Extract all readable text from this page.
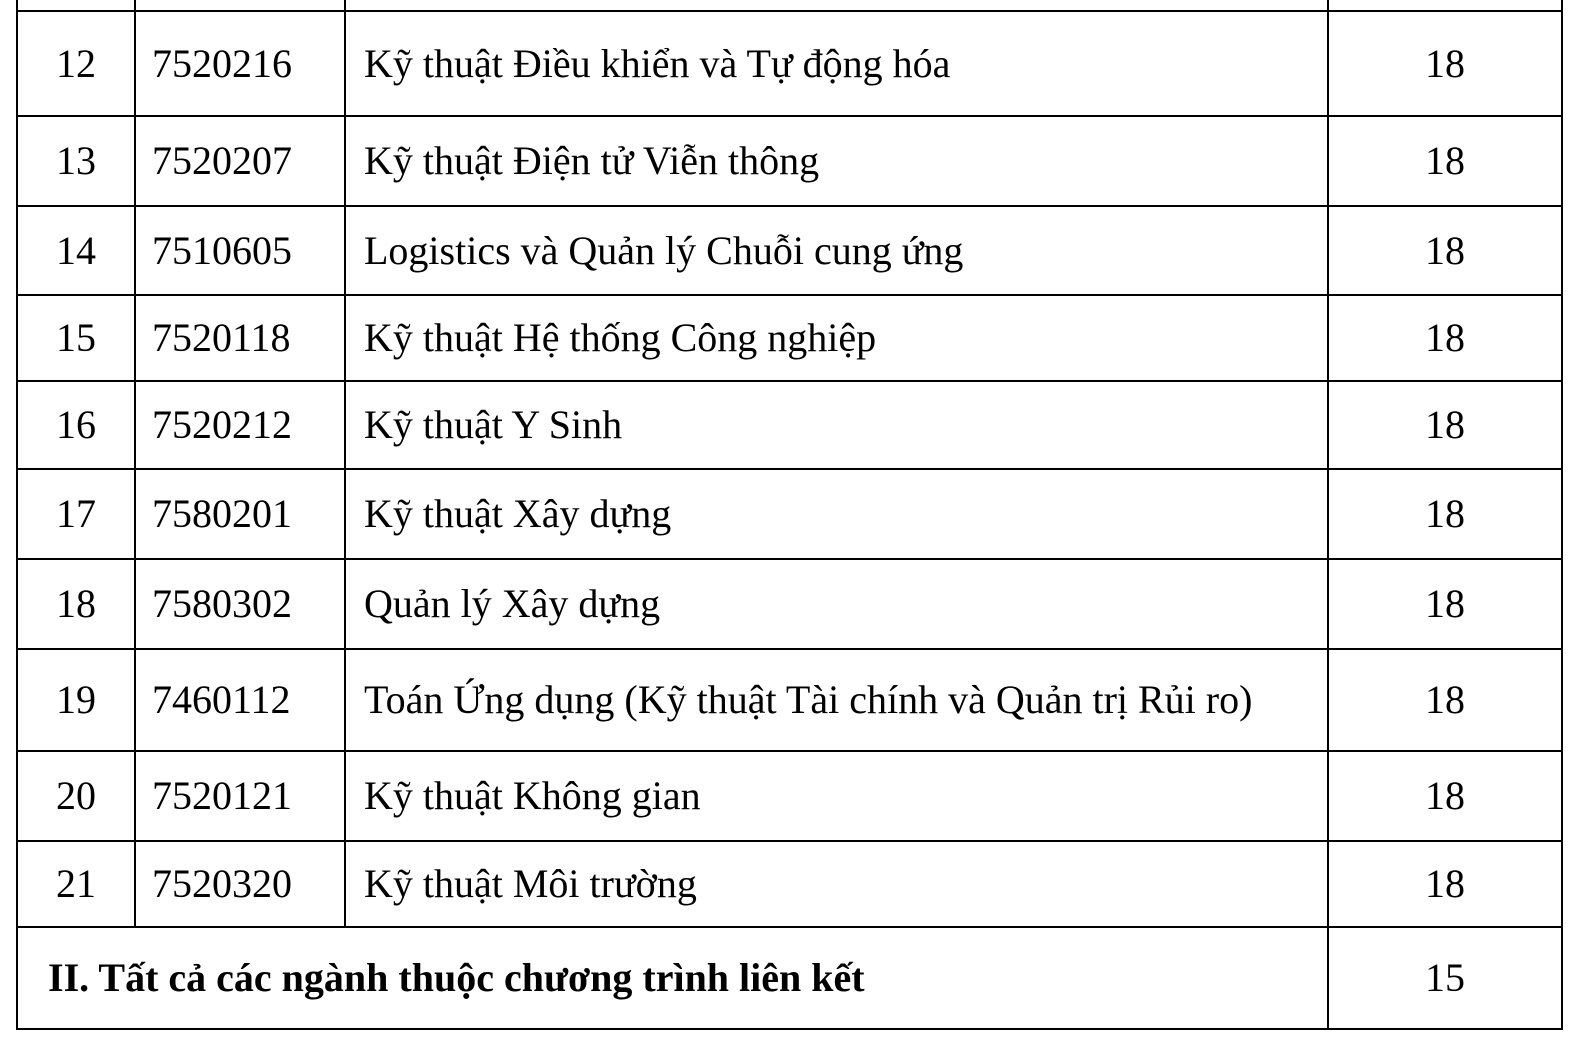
12	7520216	Kỹ thuật Điều khiển và Tự động hóa	18
13	7520207	Kỹ thuật Điện tử Viễn thông	18
14	7510605	Logistics và Quản lý Chuỗi cung ứng	18
15	7520118	Kỹ thuật Hệ thống Công nghiệp	18
16	7520212	Kỹ thuật Y Sinh	18
17	7580201	Kỹ thuật Xây dựng	18
18	7580302	Quản lý Xây dựng	18
19	7460112	Toán Ứng dụng (Kỹ thuật Tài chính và Quản trị Rủi ro)	18
20	7520121	Kỹ thuật Không gian	18
21	7520320	Kỹ thuật Môi trường	18
II. Tất cả các ngành thuộc chương trình liên kết			15
